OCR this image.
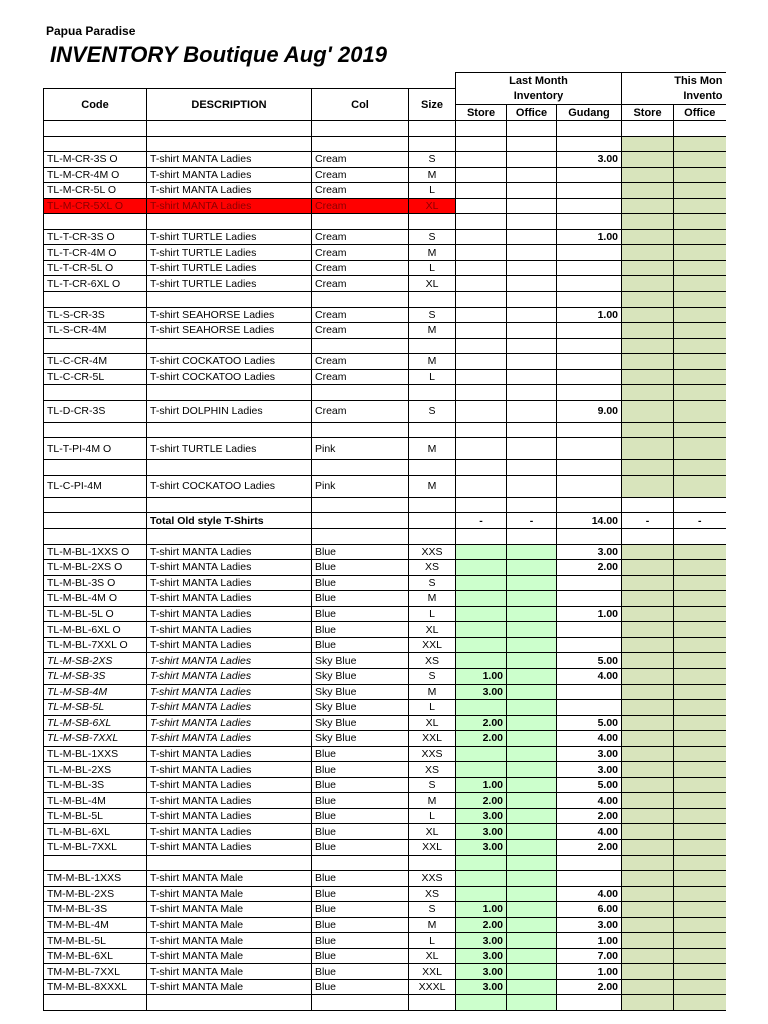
Papua Paradise
INVENTORY Boutique Aug' 2019
				Last Month			This Mon	
Code	DESCRIPTION	Col	Size	Inventory			Invento	
				Store	Office	Gudang	Store	Office

TL-M-CR-3S O	T-shirt MANTA Ladies	Cream	S			3.00		
TL-M-CR-4M O	T-shirt MANTA Ladies	Cream	M					
TL-M-CR-5L O	T-shirt MANTA Ladies	Cream	L					
TL-M-CR-5XL O	T-shirt MANTA Ladies	Cream	XL					

TL-T-CR-3S O	T-shirt TURTLE Ladies	Cream	S			1.00		
TL-T-CR-4M O	T-shirt TURTLE Ladies	Cream	M					
TL-T-CR-5L O	T-shirt TURTLE Ladies	Cream	L					
TL-T-CR-6XL O	T-shirt TURTLE Ladies	Cream	XL					

TL-S-CR-3S	T-shirt SEAHORSE Ladies	Cream	S			1.00		
TL-S-CR-4M	T-shirt SEAHORSE Ladies	Cream	M					

TL-C-CR-4M	T-shirt COCKATOO Ladies	Cream	M					
TL-C-CR-5L	T-shirt COCKATOO Ladies	Cream	L					

TL-D-CR-3S	T-shirt DOLPHIN Ladies	Cream	S			9.00		

TL-T-PI-4M O	T-shirt TURTLE Ladies	Pink	M					

TL-C-PI-4M	T-shirt COCKATOO Ladies	Pink	M					

	Total Old style T-Shirts			-	-	14.00	-	-

TL-M-BL-1XXS O	T-shirt MANTA Ladies	Blue	XXS			3.00		
TL-M-BL-2XS O	T-shirt MANTA Ladies	Blue	XS			2.00		
TL-M-BL-3S O	T-shirt MANTA Ladies	Blue	S					
TL-M-BL-4M O	T-shirt MANTA Ladies	Blue	M					
TL-M-BL-5L O	T-shirt MANTA Ladies	Blue	L			1.00		
TL-M-BL-6XL O	T-shirt MANTA Ladies	Blue	XL					
TL-M-BL-7XXL O	T-shirt MANTA Ladies	Blue	XXL					
TL-M-SB-2XS	T-shirt MANTA Ladies	Sky Blue	XS			5.00		
TL-M-SB-3S	T-shirt MANTA Ladies	Sky Blue	S	1.00		4.00		
TL-M-SB-4M	T-shirt MANTA Ladies	Sky Blue	M	3.00				
TL-M-SB-5L	T-shirt MANTA Ladies	Sky Blue	L					
TL-M-SB-6XL	T-shirt MANTA Ladies	Sky Blue	XL	2.00		5.00		
TL-M-SB-7XXL	T-shirt MANTA Ladies	Sky Blue	XXL	2.00		4.00		
TL-M-BL-1XXS	T-shirt MANTA Ladies	Blue	XXS			3.00		
TL-M-BL-2XS	T-shirt MANTA Ladies	Blue	XS			3.00		
TL-M-BL-3S	T-shirt MANTA Ladies	Blue	S	1.00		5.00		
TL-M-BL-4M	T-shirt MANTA Ladies	Blue	M	2.00		4.00		
TL-M-BL-5L	T-shirt MANTA Ladies	Blue	L	3.00		2.00		
TL-M-BL-6XL	T-shirt MANTA Ladies	Blue	XL	3.00		4.00		
TL-M-BL-7XXL	T-shirt MANTA Ladies	Blue	XXL	3.00		2.00		

TM-M-BL-1XXS	T-shirt MANTA Male	Blue	XXS					
TM-M-BL-2XS	T-shirt MANTA Male	Blue	XS			4.00		
TM-M-BL-3S	T-shirt MANTA Male	Blue	S	1.00		6.00		
TM-M-BL-4M	T-shirt MANTA Male	Blue	M	2.00		3.00		
TM-M-BL-5L	T-shirt MANTA Male	Blue	L	3.00		1.00		
TM-M-BL-6XL	T-shirt MANTA Male	Blue	XL	3.00		7.00		
TM-M-BL-7XXL	T-shirt MANTA Male	Blue	XXL	3.00		1.00		
TM-M-BL-8XXXL	T-shirt MANTA Male	Blue	XXXL	3.00		2.00		
